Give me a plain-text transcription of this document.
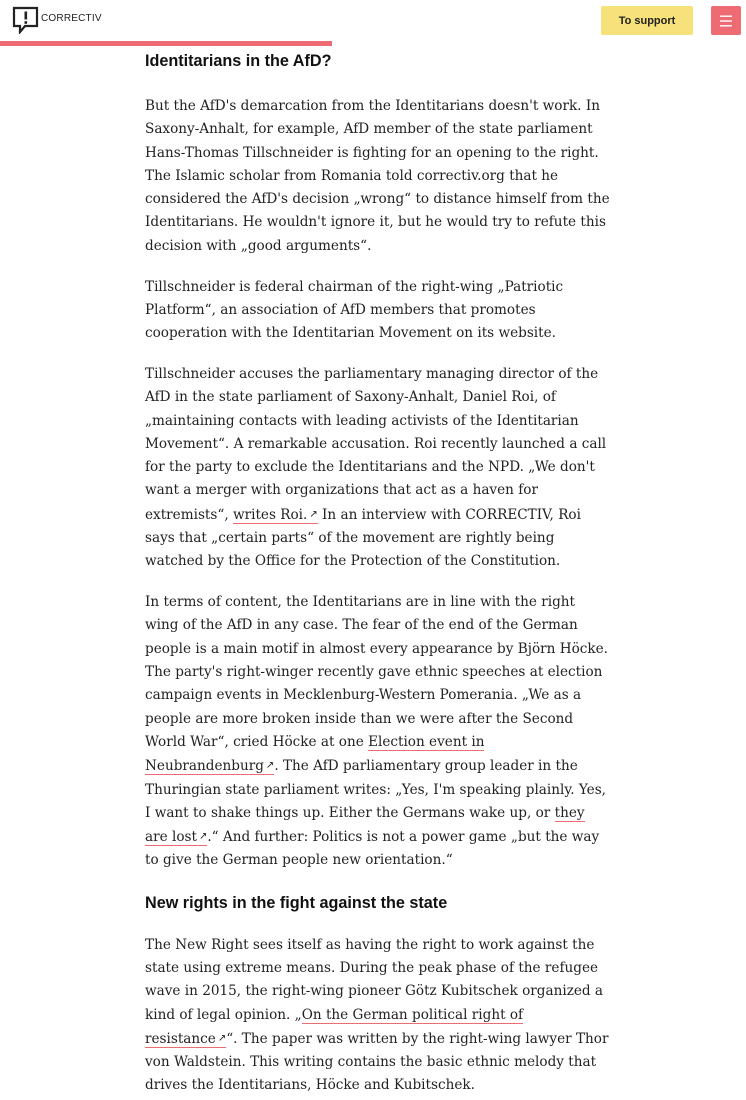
CORRECTIV	To support
Identitarians in the AfD?

But the AfD's demarcation from the Identitarians doesn't work. In Saxony-Anhalt, for example, AfD member of the state parliament Hans-Thomas Tillschneider is fighting for an opening to the right. The Islamic scholar from Romania told correctiv.org that he considered the AfD's decision „wrong“ to distance himself from the Identitarians. He wouldn't ignore it, but he would try to refute this decision with „good arguments“.

Tillschneider is federal chairman of the right-wing „Patriotic Platform“, an association of AfD members that promotes cooperation with the Identitarian Movement on its website.

Tillschneider accuses the parliamentary managing director of the AfD in the state parliament of Saxony-Anhalt, Daniel Roi, of „maintaining contacts with leading activists of the Identitarian Movement“. A remarkable accusation. Roi recently launched a call for the party to exclude the Identitarians and the NPD. „We don't want a merger with organizations that act as a haven for extremists“, writes Roi. ↗ In an interview with CORRECTIV, Roi says that „certain parts“ of the movement are rightly being watched by the Office for the Protection of the Constitution.

In terms of content, the Identitarians are in line with the right wing of the AfD in any case. The fear of the end of the German people is a main motif in almost every appearance by Björn Höcke. The party's right-winger recently gave ethnic speeches at election campaign events in Mecklenburg-Western Pomerania. „We as a people are more broken inside than we were after the Second World War“, cried Höcke at one Election event in Neubrandenburg ↗. The AfD parliamentary group leader in the Thuringian state parliament writes: „Yes, I'm speaking plainly. Yes, I want to shake things up. Either the Germans wake up, or they are lost ↗.“ And further: Politics is not a power game „but the way to give the German people new orientation.“

New rights in the fight against the state

The New Right sees itself as having the right to work against the state using extreme means. During the peak phase of the refugee wave in 2015, the right-wing pioneer Götz Kubitschek organized a kind of legal opinion. „On the German political right of resistance ↗“. The paper was written by the right-wing lawyer Thor von Waldstein. This writing contains the basic ethnic melody that drives the Identitarians, Höcke and Kubitschek.
